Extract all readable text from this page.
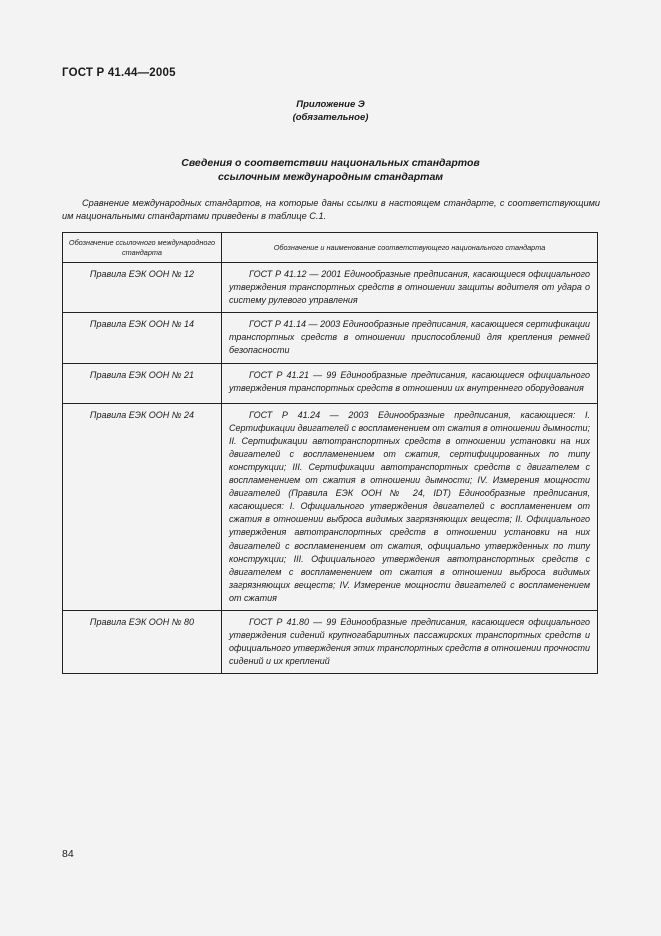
ГОСТ Р 41.44—2005
Приложение Э
(обязательное)
Сведения о соответствии национальных стандартов
ссылочным международным стандартам
Сравнение международных стандартов, на которые даны ссылки в настоящем стандарте, с соответствующими им национальными стандартами приведены в таблице С.1.
Обозначение ссылочного международного стандарта	Обозначение и наименование соответствующего национального стандарта
Правила ЕЭК ООН № 12	ГОСТ Р 41.12 — 2001 Единообразные предписания, касающиеся официального утверждения транспортных средств в отношении защиты водителя от удара о систему рулевого управления
Правила ЕЭК ООН № 14	ГОСТ Р 41.14 — 2003 Единообразные предписания, касающиеся сертификации транспортных средств в отношении приспособлений для крепления ремней безопасности
Правила ЕЭК ООН № 21	ГОСТ Р 41.21 — 99 Единообразные предписания, касающиеся официального утверждения транспортных средств в отношении их внутреннего оборудования
Правила ЕЭК ООН № 24	ГОСТ Р 41.24 — 2003 Единообразные предписания, касающиеся: I. Сертификации двигателей с воспламенением от сжатия в отношении дымности; II. Сертификации автотранспортных средств в отношении установки на них двигателей с воспламенением от сжатия, сертифицированных по типу конструкции; III. Сертификации автотранспортных средств с двигателем с воспламенением от сжатия в отношении дымности; IV. Измерения мощности двигателей (Правила ЕЭК ООН № 24, IDT) Единообразные предписания, касающиеся: I. Официального утверждения двигателей с воспламенением от сжатия в отношении выброса видимых загрязняющих веществ; II. Официального утверждения автотранспортных средств в отношении установки на них двигателей с воспламенением от сжатия, официально утвержденных по типу конструкции; III. Официального утверждения автотранспортных средств с двигателем с воспламенением от сжатия в отношении выброса видимых загрязняющих веществ; IV. Измерение мощности двигателей с воспламенением от сжатия
Правила ЕЭК ООН № 80	ГОСТ Р 41.80 — 99 Единообразные предписания, касающиеся официального утверждения сидений крупногабаритных пассажирских транспортных средств и официального утверждения этих транспортных средств в отношении прочности сидений и их креплений
84
